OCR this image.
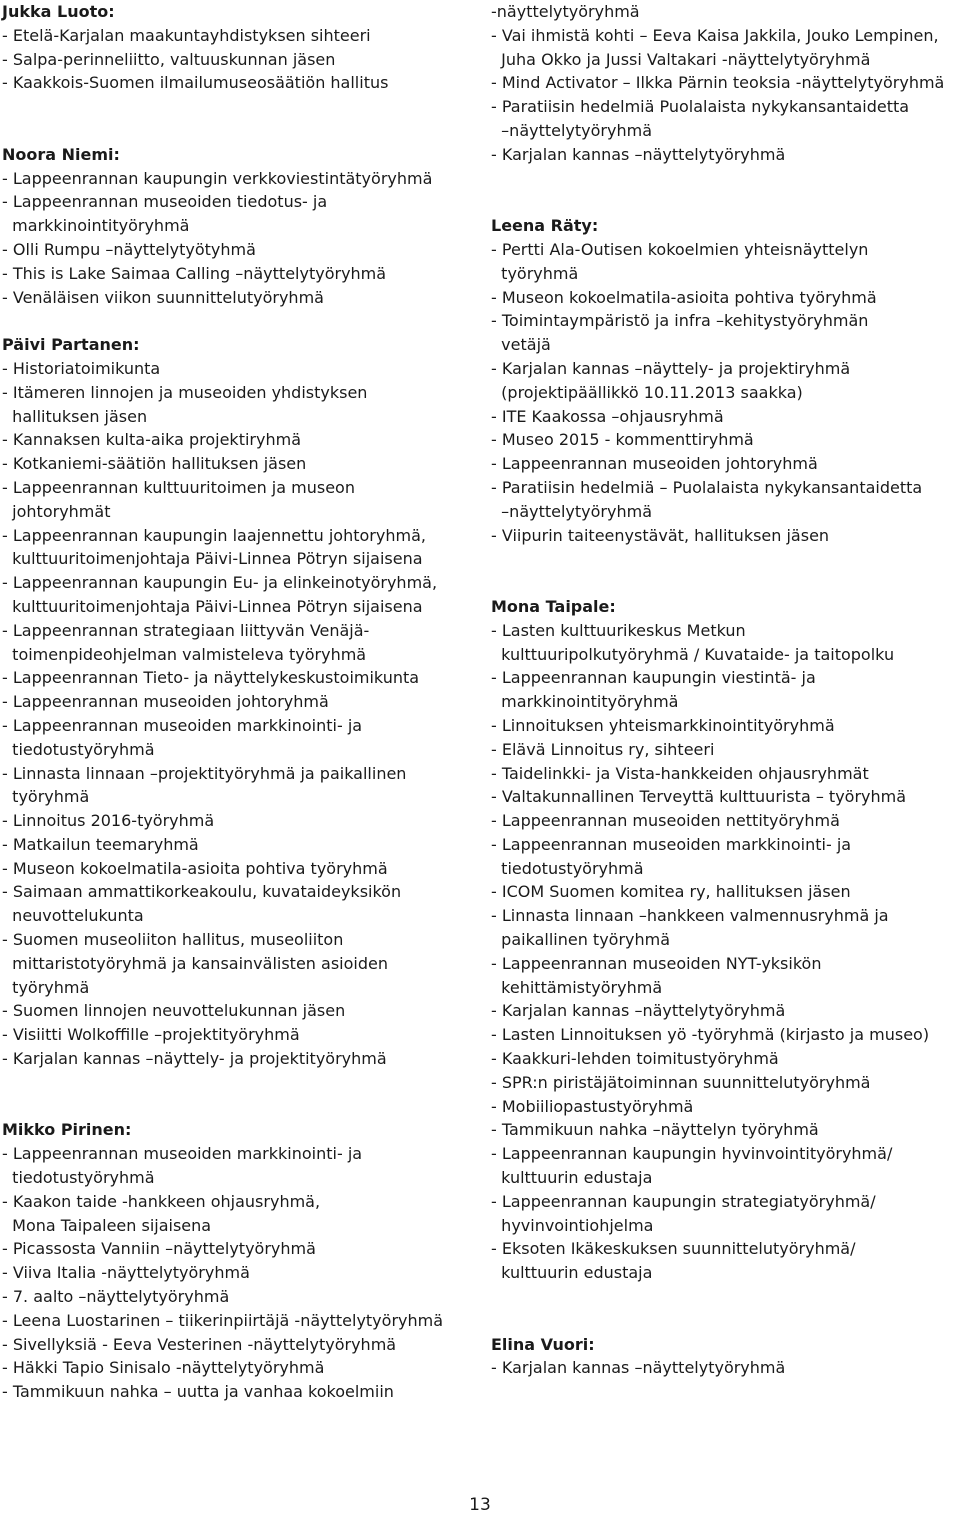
Jukka Luoto:
- Etelä-Karjalan maakuntayhdistyksen sihteeri
- Salpa-perinneliitto, valtuuskunnan jäsen
- Kaakkois-Suomen ilmailumuseosäätiön hallitus
Noora Niemi:
- Lappeenrannan kaupungin verkkoviestintätyöryhmä
- Lappeenrannan museoiden tiedotus- ja
markkinointityöryhmä
- Olli Rumpu –näyttelytyötyhmä
- This is Lake Saimaa Calling –näyttelytyöryhmä
- Venäläisen viikon suunnittelutyöryhmä
Päivi Partanen:
- Historiatoimikunta
- Itämeren linnojen ja museoiden yhdistyksen
hallituksen jäsen
- Kannaksen kulta-aika projektiryhmä
- Kotkaniemi-säätiön hallituksen jäsen
- Lappeenrannan kulttuuritoimen ja museon
johtoryhmät
- Lappeenrannan kaupungin laajennettu johtoryhmä,
kulttuuritoimenjohtaja Päivi-Linnea Pötryn sijaisena
- Lappeenrannan kaupungin Eu- ja elinkeinotyöryhmä,
kulttuuritoimenjohtaja Päivi-Linnea Pötryn sijaisena
- Lappeenrannan strategiaan liittyvän Venäjä-
toimenpideohjelman valmisteleva työryhmä
- Lappeenrannan Tieto- ja näyttelykeskustoimikunta
- Lappeenrannan museoiden johtoryhmä
- Lappeenrannan museoiden markkinointi- ja
tiedotustyöryhmä
- Linnasta linnaan –projektityöryhmä ja paikallinen
työryhmä
- Linnoitus 2016-työryhmä
- Matkailun teemaryhmä
- Museon kokoelmatila-asioita pohtiva työryhmä
- Saimaan ammattikorkeakoulu, kuvataideyksikön
neuvottelukunta
- Suomen museoliiton hallitus, museoliiton
mittaristotyöryhmä ja kansainvälisten asioiden
työryhmä
- Suomen linnojen neuvottelukunnan jäsen
- Visiitti Wolkoffille –projektityöryhmä
- Karjalan kannas –näyttely- ja projektityöryhmä
Mikko Pirinen:
- Lappeenrannan museoiden markkinointi- ja
tiedotustyöryhmä
- Kaakon taide -hankkeen ohjausryhmä,
Mona Taipaleen sijaisena
- Picassosta Vanniin –näyttelytyöryhmä
- Viiva Italia -näyttelytyöryhmä
- 7. aalto –näyttelytyöryhmä
- Leena Luostarinen – tiikerinpiirtäjä -näyttelytyöryhmä
- Sivellyksiä - Eeva Vesterinen -näyttelytyöryhmä
- Häkki Tapio Sinisalo -näyttelytyöryhmä
- Tammikuun nahka – uutta ja vanhaa kokoelmiin
-näyttelytyöryhmä
- Vai ihmistä kohti – Eeva Kaisa Jakkila, Jouko Lempinen,
Juha Okko ja Jussi Valtakari -näyttelytyöryhmä
- Mind Activator – Ilkka Pärnin teoksia -näyttelytyöryhmä
- Paratiisin hedelmiä Puolalaista nykykansantaidetta
–näyttelytyöryhmä
- Karjalan kannas –näyttelytyöryhmä
Leena Räty:
- Pertti Ala-Outisen kokoelmien yhteisnäyttelyn
työryhmä
- Museon kokoelmatila-asioita pohtiva työryhmä
- Toimintaympäristö ja infra –kehitystyöryhmän
vetäjä
- Karjalan kannas –näyttely- ja projektiryhmä
(projektipäällikkö 10.11.2013 saakka)
- ITE Kaakossa –ohjausryhmä
- Museo 2015 - kommenttiryhmä
- Lappeenrannan museoiden johtoryhmä
- Paratiisin hedelmiä – Puolalaista nykykansantaidetta
–näyttelytyöryhmä
- Viipurin taiteenystävät, hallituksen jäsen
Mona Taipale:
- Lasten kulttuurikeskus Metkun
kulttuuripolkutyöryhmä / Kuvataide- ja taitopolku
- Lappeenrannan kaupungin viestintä- ja
markkinointityöryhmä
- Linnoituksen yhteismarkkinointityöryhmä
- Elävä Linnoitus ry, sihteeri
- Taidelinkki- ja Vista-hankkeiden ohjausryhmät
- Valtakunnallinen Terveyttä kulttuurista – työryhmä
- Lappeenrannan museoiden nettityöryhmä
- Lappeenrannan museoiden markkinointi- ja
tiedotustyöryhmä
- ICOM Suomen komitea ry, hallituksen jäsen
- Linnasta linnaan –hankkeen valmennusryhmä ja
paikallinen työryhmä
- Lappeenrannan museoiden NYT-yksikön
kehittämistyöryhmä
- Karjalan kannas –näyttelytyöryhmä
- Lasten Linnoituksen yö -työryhmä (kirjasto ja museo)
- Kaakkuri-lehden toimitustyöryhmä
- SPR:n piristäjätoiminnan suunnittelutyöryhmä
- Mobiiliopastustyöryhmä
- Tammikuun nahka –näyttelyn työryhmä
- Lappeenrannan kaupungin hyvinvointityöryhmä/
kulttuurin edustaja
- Lappeenrannan kaupungin strategiatyöryhmä/
hyvinvointiohjelma
- Eksoten Ikäkeskuksen suunnittelutyöryhmä/
kulttuurin edustaja
Elina Vuori:
- Karjalan kannas –näyttelytyöryhmä
13
